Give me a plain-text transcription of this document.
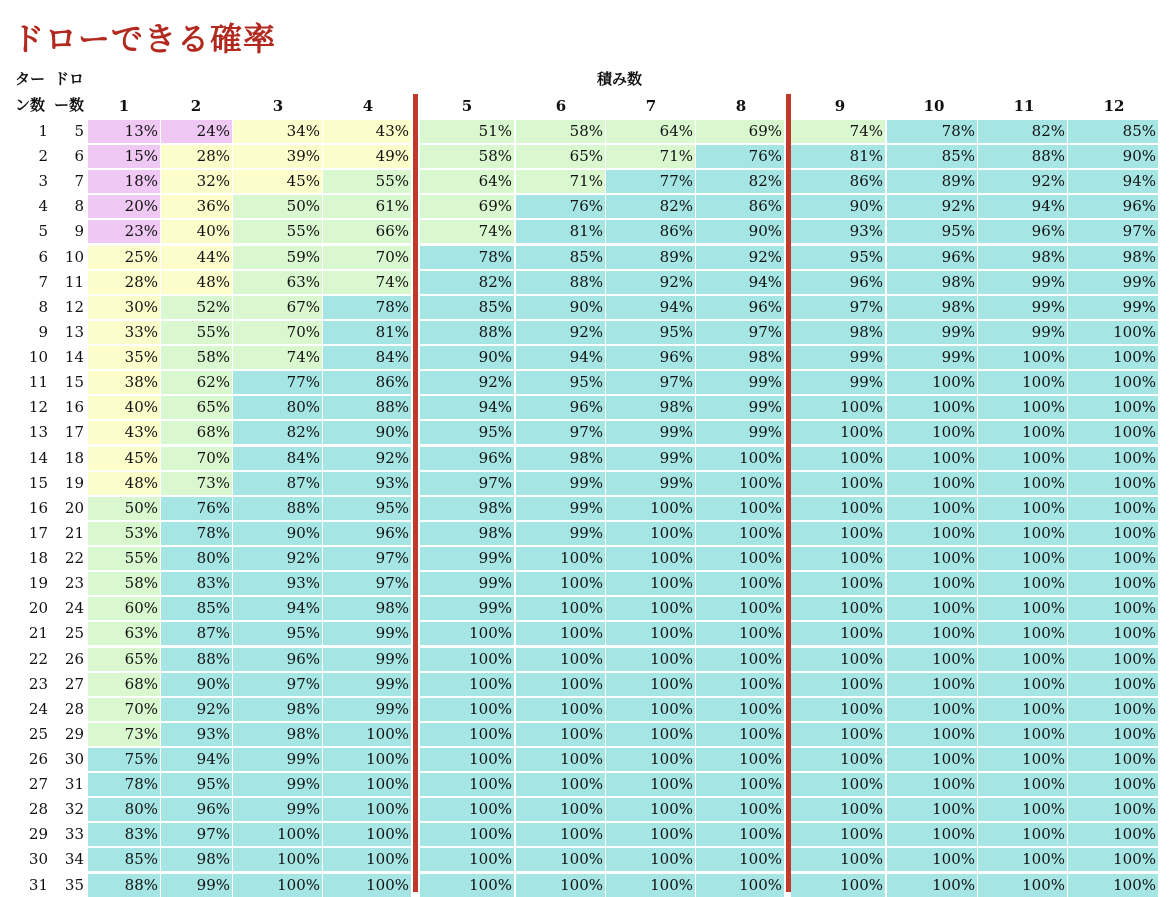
ドローできる確率
ター
ン数
ドロ
ー数
積み数
1	2	3	4	5	6	7	8	9	10	11	12
1	5	13%	24%	34%	43%	51%	58%	64%	69%	74%	78%	82%	85%
2	6	15%	28%	39%	49%	58%	65%	71%	76%	81%	85%	88%	90%
3	7	18%	32%	45%	55%	64%	71%	77%	82%	86%	89%	92%	94%
4	8	20%	36%	50%	61%	69%	76%	82%	86%	90%	92%	94%	96%
5	9	23%	40%	55%	66%	74%	81%	86%	90%	93%	95%	96%	97%
6	10	25%	44%	59%	70%	78%	85%	89%	92%	95%	96%	98%	98%
7	11	28%	48%	63%	74%	82%	88%	92%	94%	96%	98%	99%	99%
8	12	30%	52%	67%	78%	85%	90%	94%	96%	97%	98%	99%	99%
9	13	33%	55%	70%	81%	88%	92%	95%	97%	98%	99%	99%	100%
10	14	35%	58%	74%	84%	90%	94%	96%	98%	99%	99%	100%	100%
11	15	38%	62%	77%	86%	92%	95%	97%	99%	99%	100%	100%	100%
12	16	40%	65%	80%	88%	94%	96%	98%	99%	100%	100%	100%	100%
13	17	43%	68%	82%	90%	95%	97%	99%	99%	100%	100%	100%	100%
14	18	45%	70%	84%	92%	96%	98%	99%	100%	100%	100%	100%	100%
15	19	48%	73%	87%	93%	97%	99%	99%	100%	100%	100%	100%	100%
16	20	50%	76%	88%	95%	98%	99%	100%	100%	100%	100%	100%	100%
17	21	53%	78%	90%	96%	98%	99%	100%	100%	100%	100%	100%	100%
18	22	55%	80%	92%	97%	99%	100%	100%	100%	100%	100%	100%	100%
19	23	58%	83%	93%	97%	99%	100%	100%	100%	100%	100%	100%	100%
20	24	60%	85%	94%	98%	99%	100%	100%	100%	100%	100%	100%	100%
21	25	63%	87%	95%	99%	100%	100%	100%	100%	100%	100%	100%	100%
22	26	65%	88%	96%	99%	100%	100%	100%	100%	100%	100%	100%	100%
23	27	68%	90%	97%	99%	100%	100%	100%	100%	100%	100%	100%	100%
24	28	70%	92%	98%	99%	100%	100%	100%	100%	100%	100%	100%	100%
25	29	73%	93%	98%	100%	100%	100%	100%	100%	100%	100%	100%	100%
26	30	75%	94%	99%	100%	100%	100%	100%	100%	100%	100%	100%	100%
27	31	78%	95%	99%	100%	100%	100%	100%	100%	100%	100%	100%	100%
28	32	80%	96%	99%	100%	100%	100%	100%	100%	100%	100%	100%	100%
29	33	83%	97%	100%	100%	100%	100%	100%	100%	100%	100%	100%	100%
30	34	85%	98%	100%	100%	100%	100%	100%	100%	100%	100%	100%	100%
31	35	88%	99%	100%	100%	100%	100%	100%	100%	100%	100%	100%	100%
